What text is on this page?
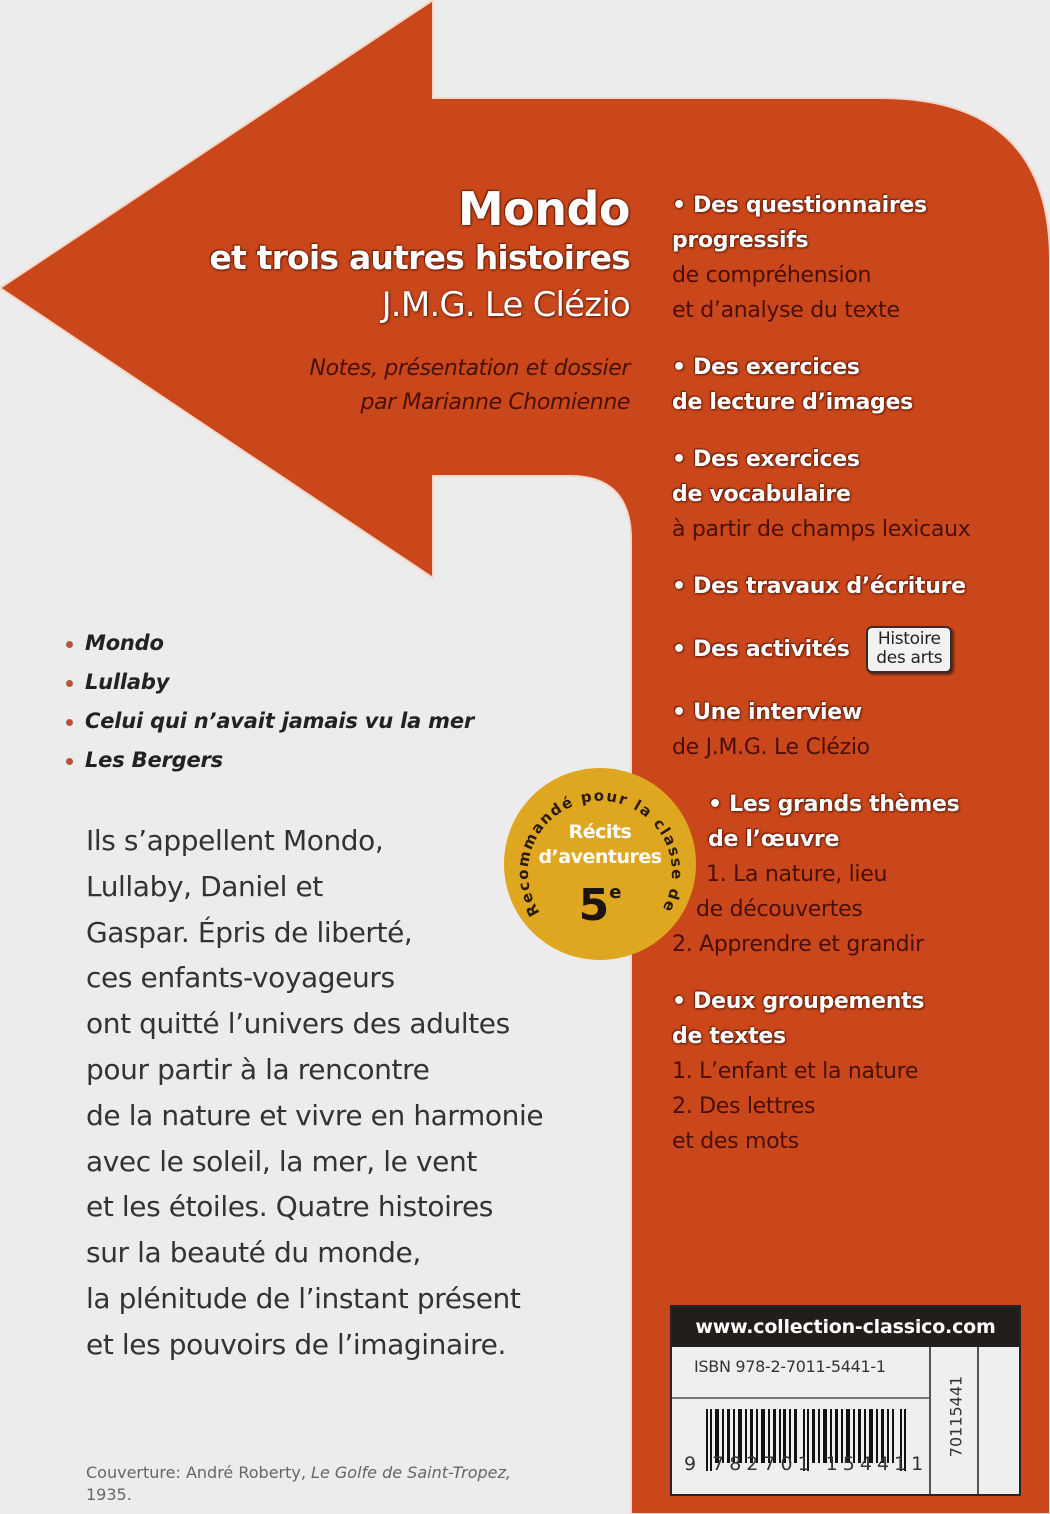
Mondo
et trois autres histoires
J.M.G. Le Clézio
Notes, présentation et dossier
par Marianne Chomienne
• Des questionnaires
progressifs
de compréhension
et d’analyse du texte
• Des exercices
de lecture d’images
• Des exercices
de vocabulaire
à partir de champs lexicaux
• Des travaux d’écriture
• Des activités Histoire
des arts
• Une interview
de J.M.G. Le Clézio
• Les grands thèmes
de l’œuvre
1. La nature, lieu
de découvertes
2. Apprendre et grandir
• Deux groupements
de textes
1. L’enfant et la nature
2. Des lettres
et des mots
Mondo
Lullaby
Celui qui n’avait jamais vu la mer
Les Bergers
Ils s’appellent Mondo,
Lullaby, Daniel et
Gaspar. Épris de liberté,
ces enfants-voyageurs
ont quitté l’univers des adultes
pour partir à la rencontre
de la nature et vivre en harmonie
avec le soleil, la mer, le vent
et les étoiles. Quatre histoires
sur la beauté du monde,
la plénitude de l’instant présent
et les pouvoirs de l’imaginaire.
Recommandé pour la classe de
Récits
d’aventures
5e
Couverture: André Roberty, Le Golfe de Saint-Tropez,
1935.
www.collection-classico.com
ISBN 978-2-7011-5441-1
70115441
9 782701 154411
